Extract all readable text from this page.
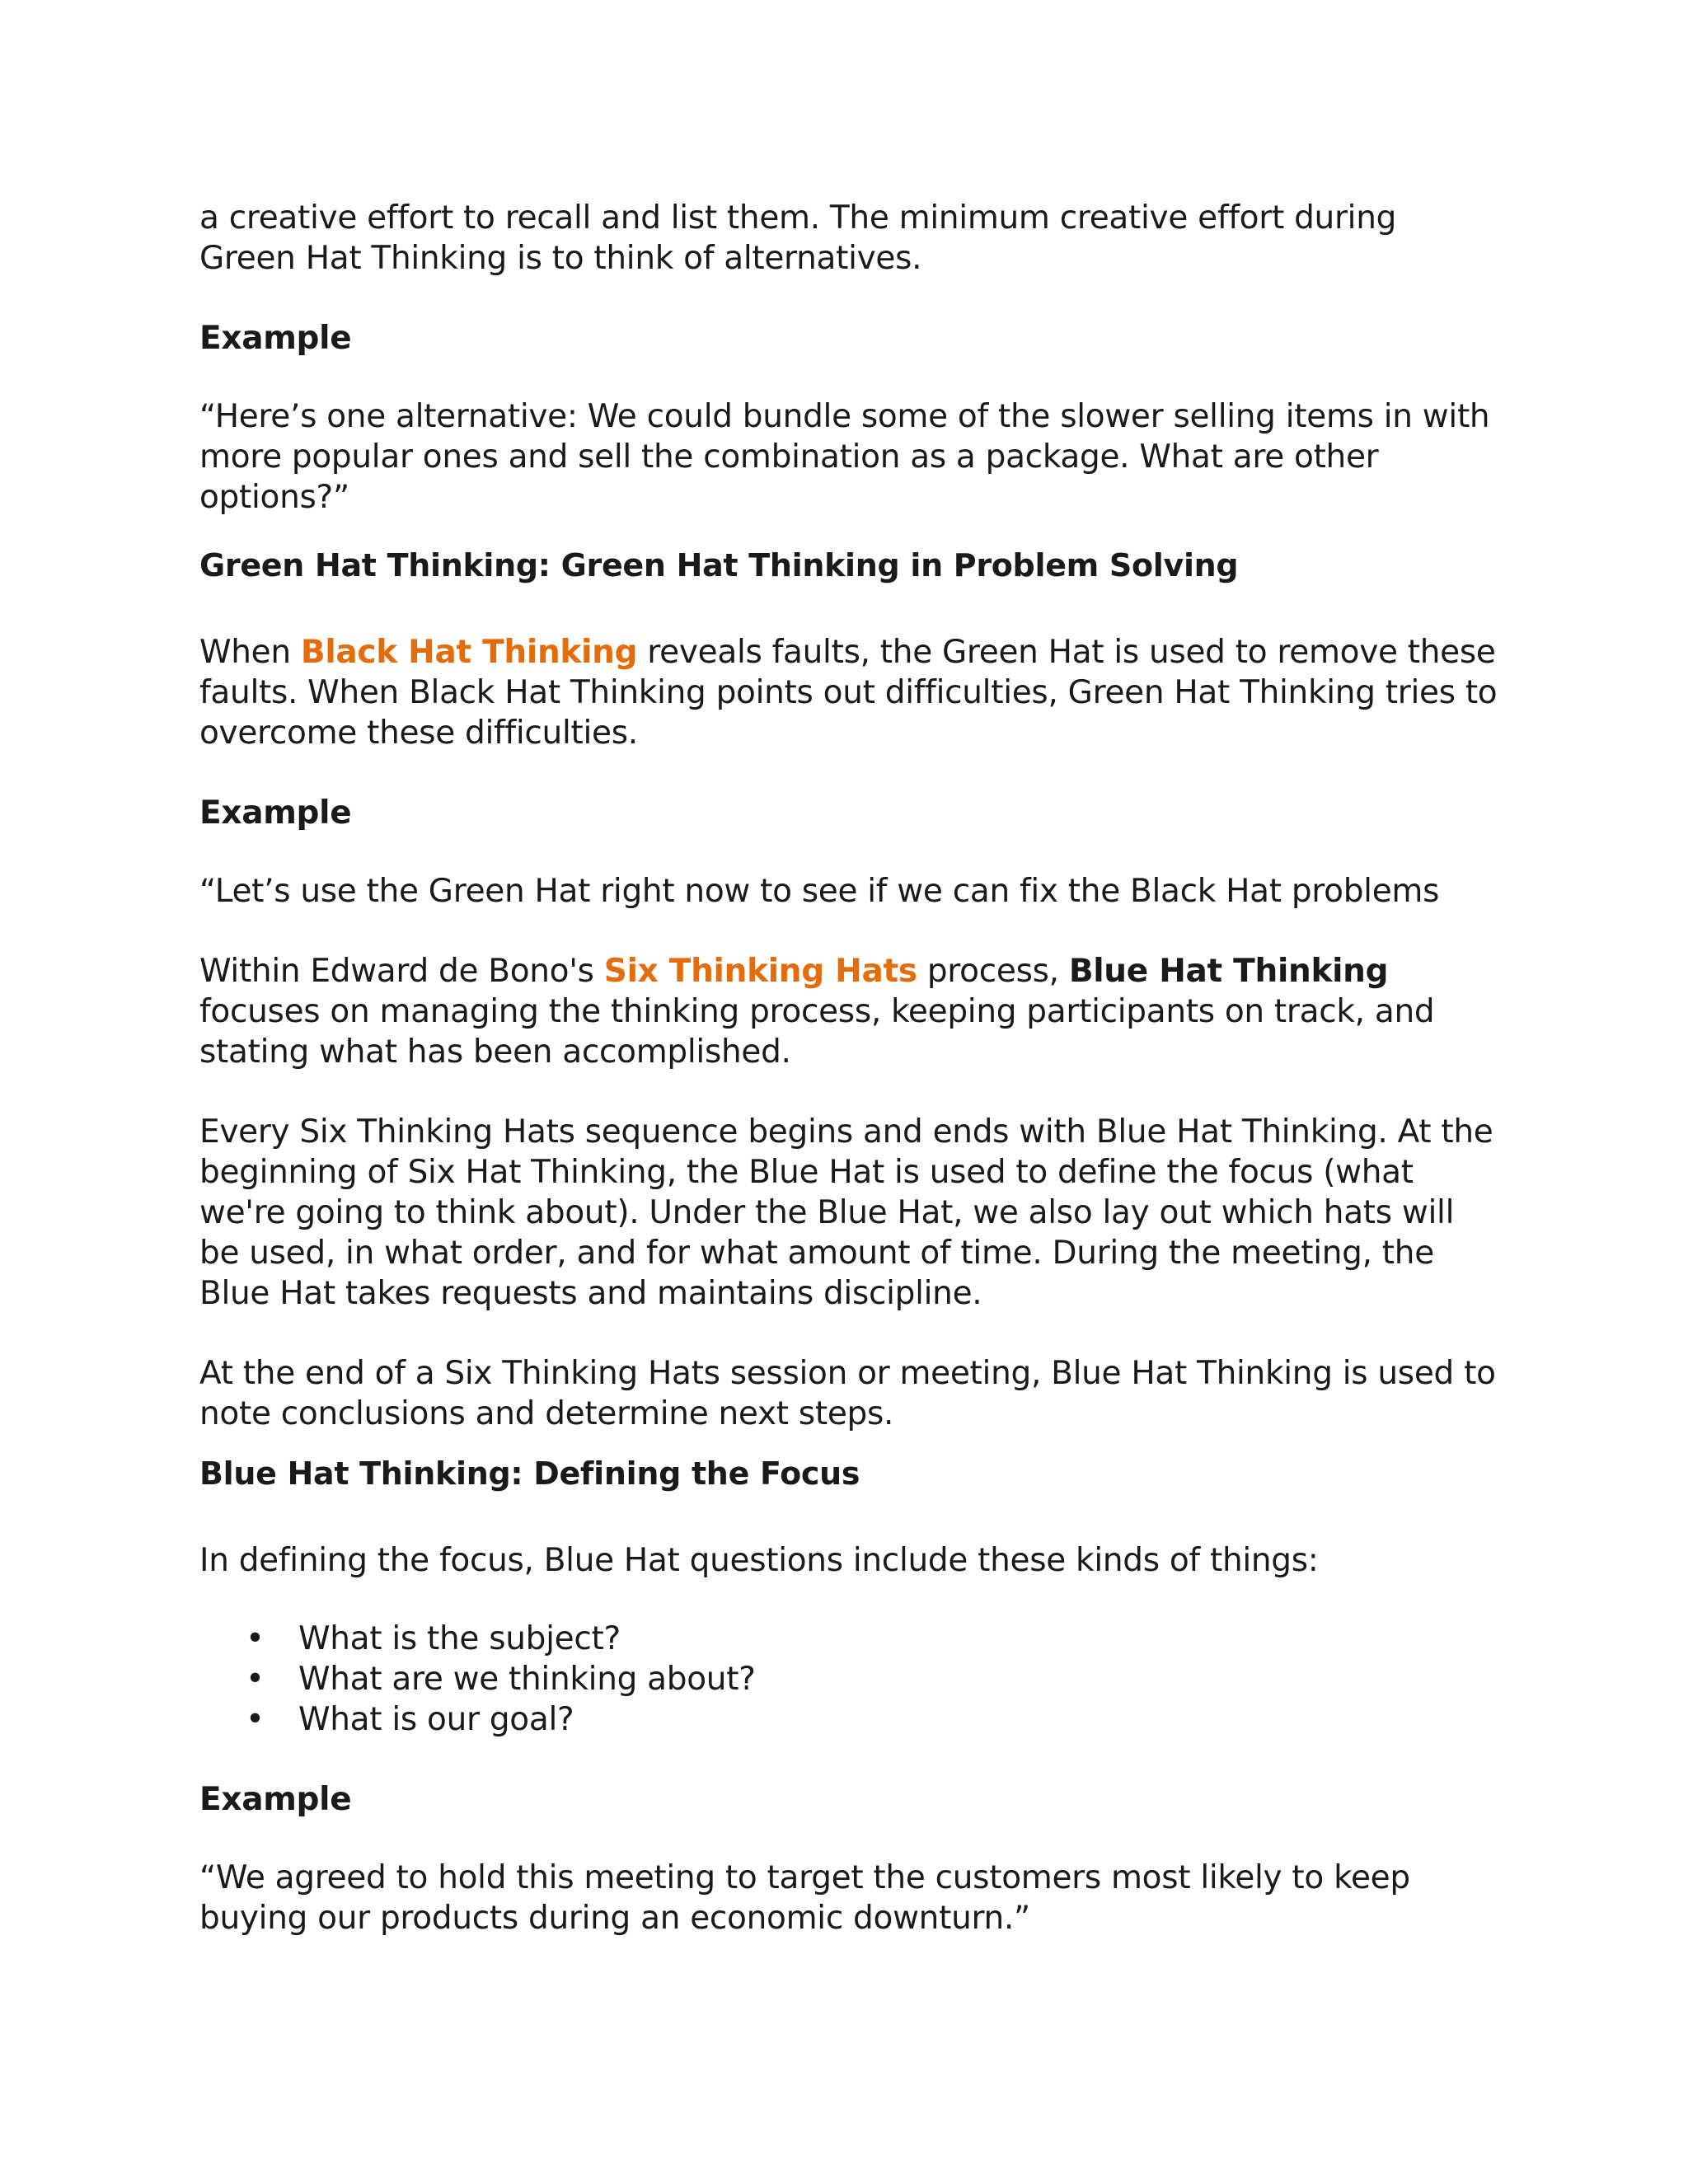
a creative effort to recall and list them. The minimum creative effort during Green Hat Thinking is to think of alternatives.

Example

“Here’s one alternative: We could bundle some of the slower selling items in with more popular ones and sell the combination as a package. What are other options?”

Green Hat Thinking: Green Hat Thinking in Problem Solving

When Black Hat Thinking reveals faults, the Green Hat is used to remove these faults. When Black Hat Thinking points out difficulties, Green Hat Thinking tries to overcome these difficulties.

Example

“Let’s use the Green Hat right now to see if we can fix the Black Hat problems

Within Edward de Bono's Six Thinking Hats process, Blue Hat Thinking focuses on managing the thinking process, keeping participants on track, and stating what has been accomplished.

Every Six Thinking Hats sequence begins and ends with Blue Hat Thinking. At the beginning of Six Hat Thinking, the Blue Hat is used to define the focus (what we're going to think about). Under the Blue Hat, we also lay out which hats will be used, in what order, and for what amount of time. During the meeting, the Blue Hat takes requests and maintains discipline.

At the end of a Six Thinking Hats session or meeting, Blue Hat Thinking is used to note conclusions and determine next steps.

Blue Hat Thinking: Defining the Focus

In defining the focus, Blue Hat questions include these kinds of things:

• What is the subject?
• What are we thinking about?
• What is our goal?

Example

“We agreed to hold this meeting to target the customers most likely to keep buying our products during an economic downturn.”
